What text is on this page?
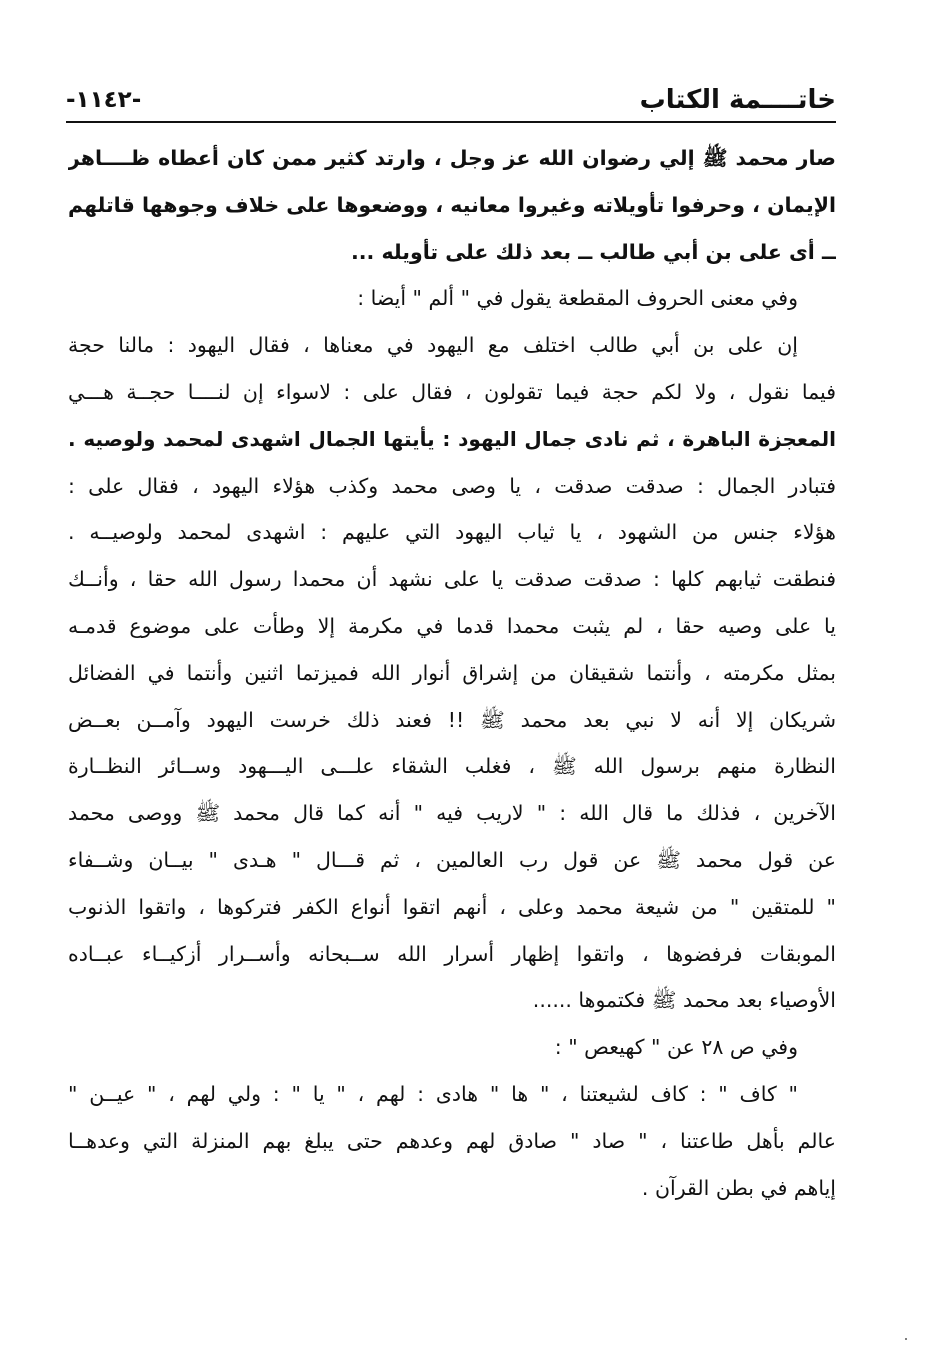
خاتــــمة الكتاب
-١١٤٢-
صار محمد ﷺ إلي رضوان الله عز وجل ، وارتد كثير ممن كان أعطاه ظــــاهر
الإيمان ، وحرفوا تأويلاته وغيروا معانيه ، ووضعوها على خلاف وجوهها قاتلهم
ــ أى على بن أبي طالب ــ بعد ذلك على تأويله ...
وفي معنى الحروف المقطعة يقول في " ألم " أيضا :
إن على بن أبي طالب اختلف مع اليهود في معناها ، فقال اليهود : مالنا حجة
فيما نقول ، ولا لكم حجة فيما تقولون ، فقال على : لاسواء إن لنــــا حجــة هـــي
المعجزة الباهرة ، ثم نادى جمال اليهود : يأيتها الجمال اشهدى لمحمد ولوصيه .
فتبادر الجمال : صدقت صدقت ، يا وصى محمد وكذب هؤلاء اليهود ، فقال على :
هؤلاء جنس من الشهود ، يا ثياب اليهود التي عليهم : اشهدى لمحمد ولوصيــه .
فنطقت ثيابهم كلها : صدقت صدقت يا على نشهد أن محمدا رسول الله حقا ، وأنــك
يا على وصيه حقا ، لم يثبت محمدا قدما في مكرمة إلا وطأت على موضوع قدمـه
بمثل مكرمته ، وأنتما شقيقان من إشراق أنوار الله فميزتما اثنين وأنتما في الفضائل
شريكان إلا أنه لا نبي بعد محمد ﷺ !! فعند ذلك خرست اليهود وآمــن بعــض
النظارة منهم برسول الله ﷺ ، فغلب الشقاء علـــى اليـــهود وســائر النظــارة
الآخرين ، فذلك ما قال الله : " لاريب فيه " أنه كما قال محمد ﷺ ووصى محمد
عن قول محمد ﷺ عن قول رب العالمين ، ثم قـــال " هـدى " بيــان وشــفاء
" للمتقين " من شيعة محمد وعلى ، أنهم اتقوا أنواع الكفر فتركوها ، واتقوا الذنوب
الموبقات فرفضوها ، واتقوا إظهار أسرار الله ســبحانه وأســرار أزكيــاء عبــاده
الأوصياء بعد محمد ﷺ فكتموها ......
وفي ص ٢٨ عن " كهيعص " :
" كاف " : كاف لشيعتنا ، " ها " هادى : لهم ، " يا " : ولي لهم ، " عيــن "
عالم بأهل طاعتنا ، " صاد " صادق لهم وعدهم حتى يبلغ بهم المنزلة التي وعدهــا
إياهم في بطن القرآن .
